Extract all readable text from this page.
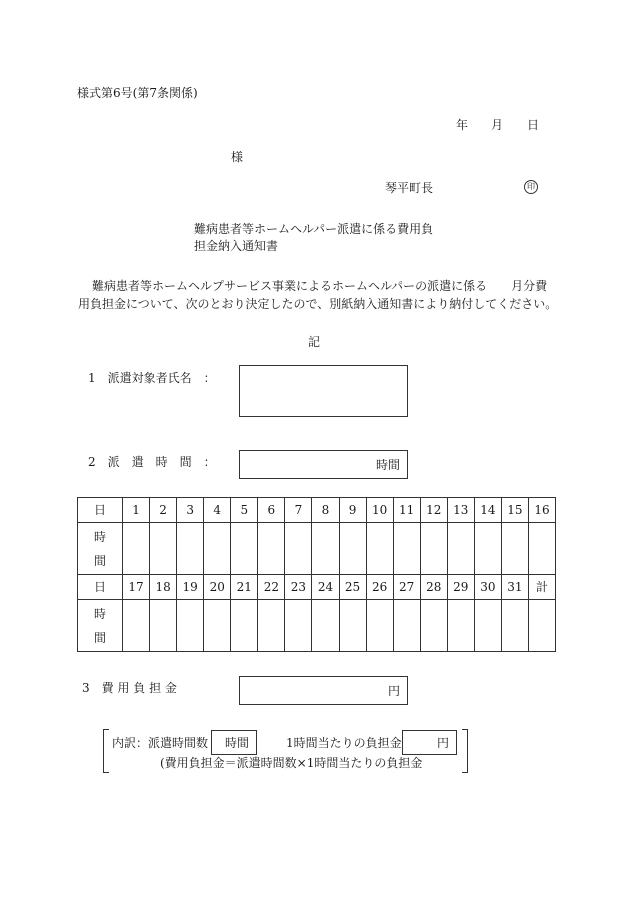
様式第6号(第7条関係)
年 月 日
様
琴平町長	印
難病患者等ホームヘルパー派遣に係る費用負
担金納入通知書
難病患者等ホームヘルプサービス事業によるホームヘルパーの派遣に係る　　月分費
用負担金について、次のとおり決定したので、別紙納入通知書により納付してください。
記
1　派遣対象者氏名　：
2　派　遣　時　間　：	時間
日	1	2	3	4	5	6	7	8	9	10	11	12	13	14	15	16

時
間																

日	17	18	19	20	21	22	23	24	25	26	27	28	29	30	31	計

時
間																

3　費 用 負 担 金	円
内訳：派遣時間数 時間	1時間当たりの負担金	円
(費用負担金＝派遣時間数×1時間当たりの負担金
